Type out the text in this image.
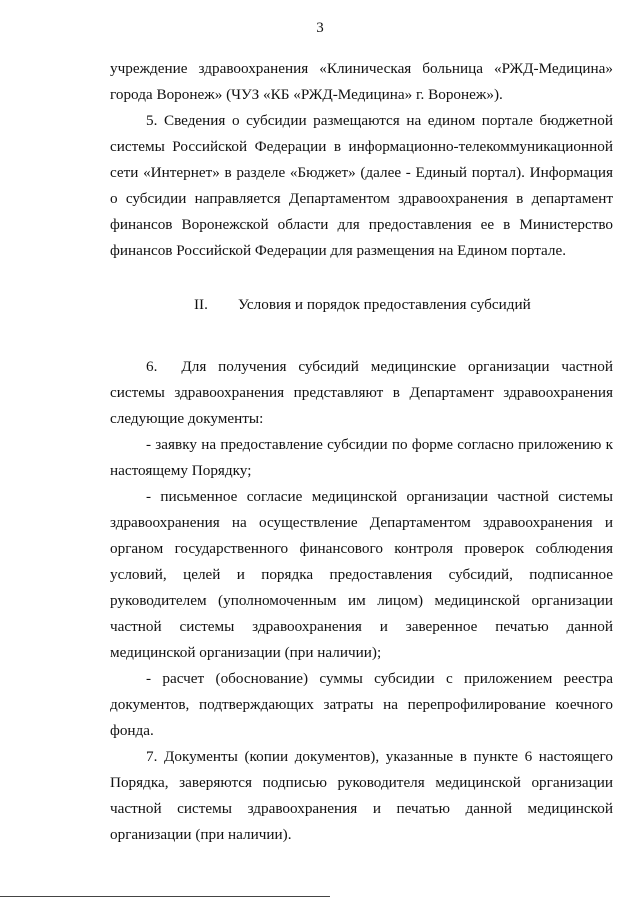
3

учреждение здравоохранения «Клиническая больница «РЖД-Медицина» города Воронеж» (ЧУЗ «КБ «РЖД-Медицина» г. Воронеж»).

5. Сведения о субсидии размещаются на едином портале бюджетной системы Российской Федерации в информационно-телекоммуникационной сети «Интернет» в разделе «Бюджет» (далее - Единый портал). Информация о субсидии направляется Департаментом здравоохранения в департамент финансов Воронежской области для предоставления ее в Министерство финансов Российской Федерации для размещения на Едином портале.

II. Условия и порядок предоставления субсидий

6. Для получения субсидий медицинские организации частной системы здравоохранения представляют в Департамент здравоохранения следующие документы:

- заявку на предоставление субсидии по форме согласно приложению к настоящему Порядку;

- письменное согласие медицинской организации частной системы здравоохранения на осуществление Департаментом здравоохранения и органом государственного финансового контроля проверок соблюдения условий, целей и порядка предоставления субсидий, подписанное руководителем (уполномоченным им лицом) медицинской организации частной системы здравоохранения и заверенное печатью данной медицинской организации (при наличии);

- расчет (обоснование) суммы субсидии с приложением реестра документов, подтверждающих затраты на перепрофилирование коечного фонда.

7. Документы (копии документов), указанные в пункте 6 настоящего Порядка, заверяются подписью руководителя медицинской организации частной системы здравоохранения и печатью данной медицинской организации (при наличии).
